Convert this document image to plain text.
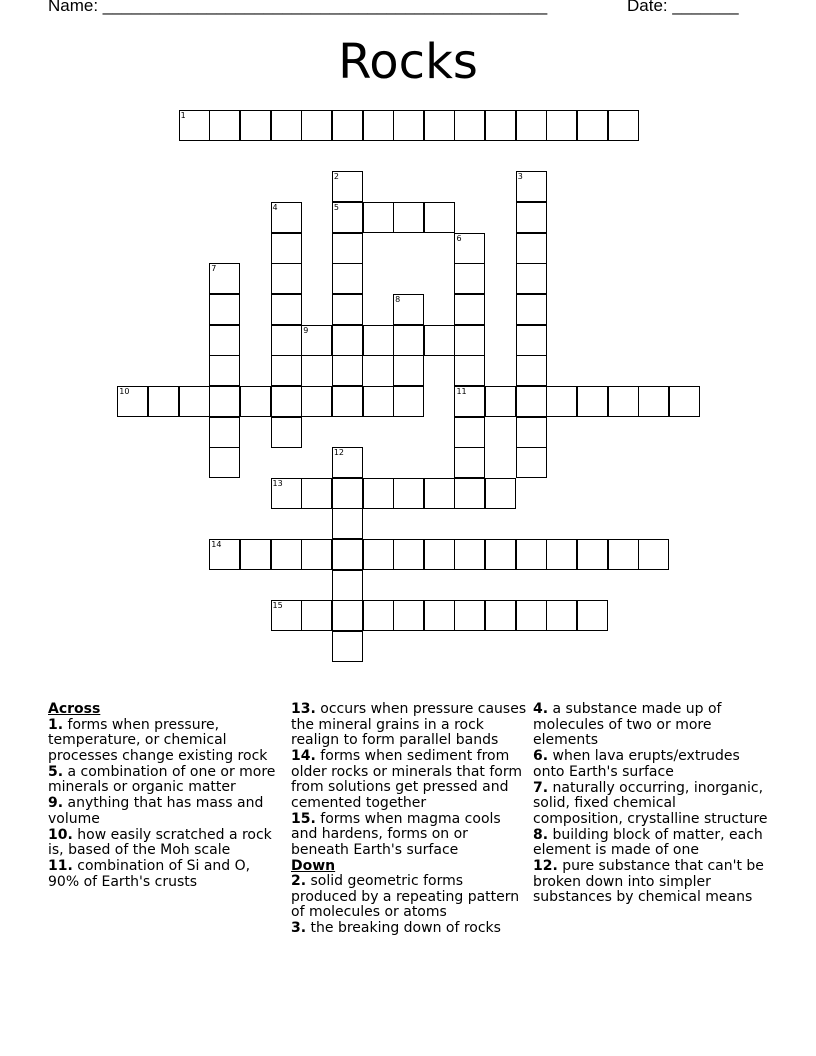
Name: _______________________________________________	Date: _______
Rocks
1
2	3
4	5
6
7
8
9
10	11
12
13
14
15
Across
1. forms when pressure, temperature, or chemical processes change existing rock
5. a combination of one or more minerals or organic matter
9. anything that has mass and volume
10. how easily scratched a rock is, based of the Moh scale
11. combination of Si and O, 90% of Earth's crusts
13. occurs when pressure causes the mineral grains in a rock realign to form parallel bands
14. forms when sediment from older rocks or minerals that form from solutions get pressed and cemented together
15. forms when magma cools and hardens, forms on or beneath Earth's surface
Down
2. solid geometric forms produced by a repeating pattern of molecules or atoms
3. the breaking down of rocks
4. a substance made up of molecules of two or more elements
6. when lava erupts/extrudes onto Earth's surface
7. naturally occurring, inorganic, solid, fixed chemical composition, crystalline structure
8. building block of matter, each element is made of one
12. pure substance that can't be broken down into simpler substances by chemical means
